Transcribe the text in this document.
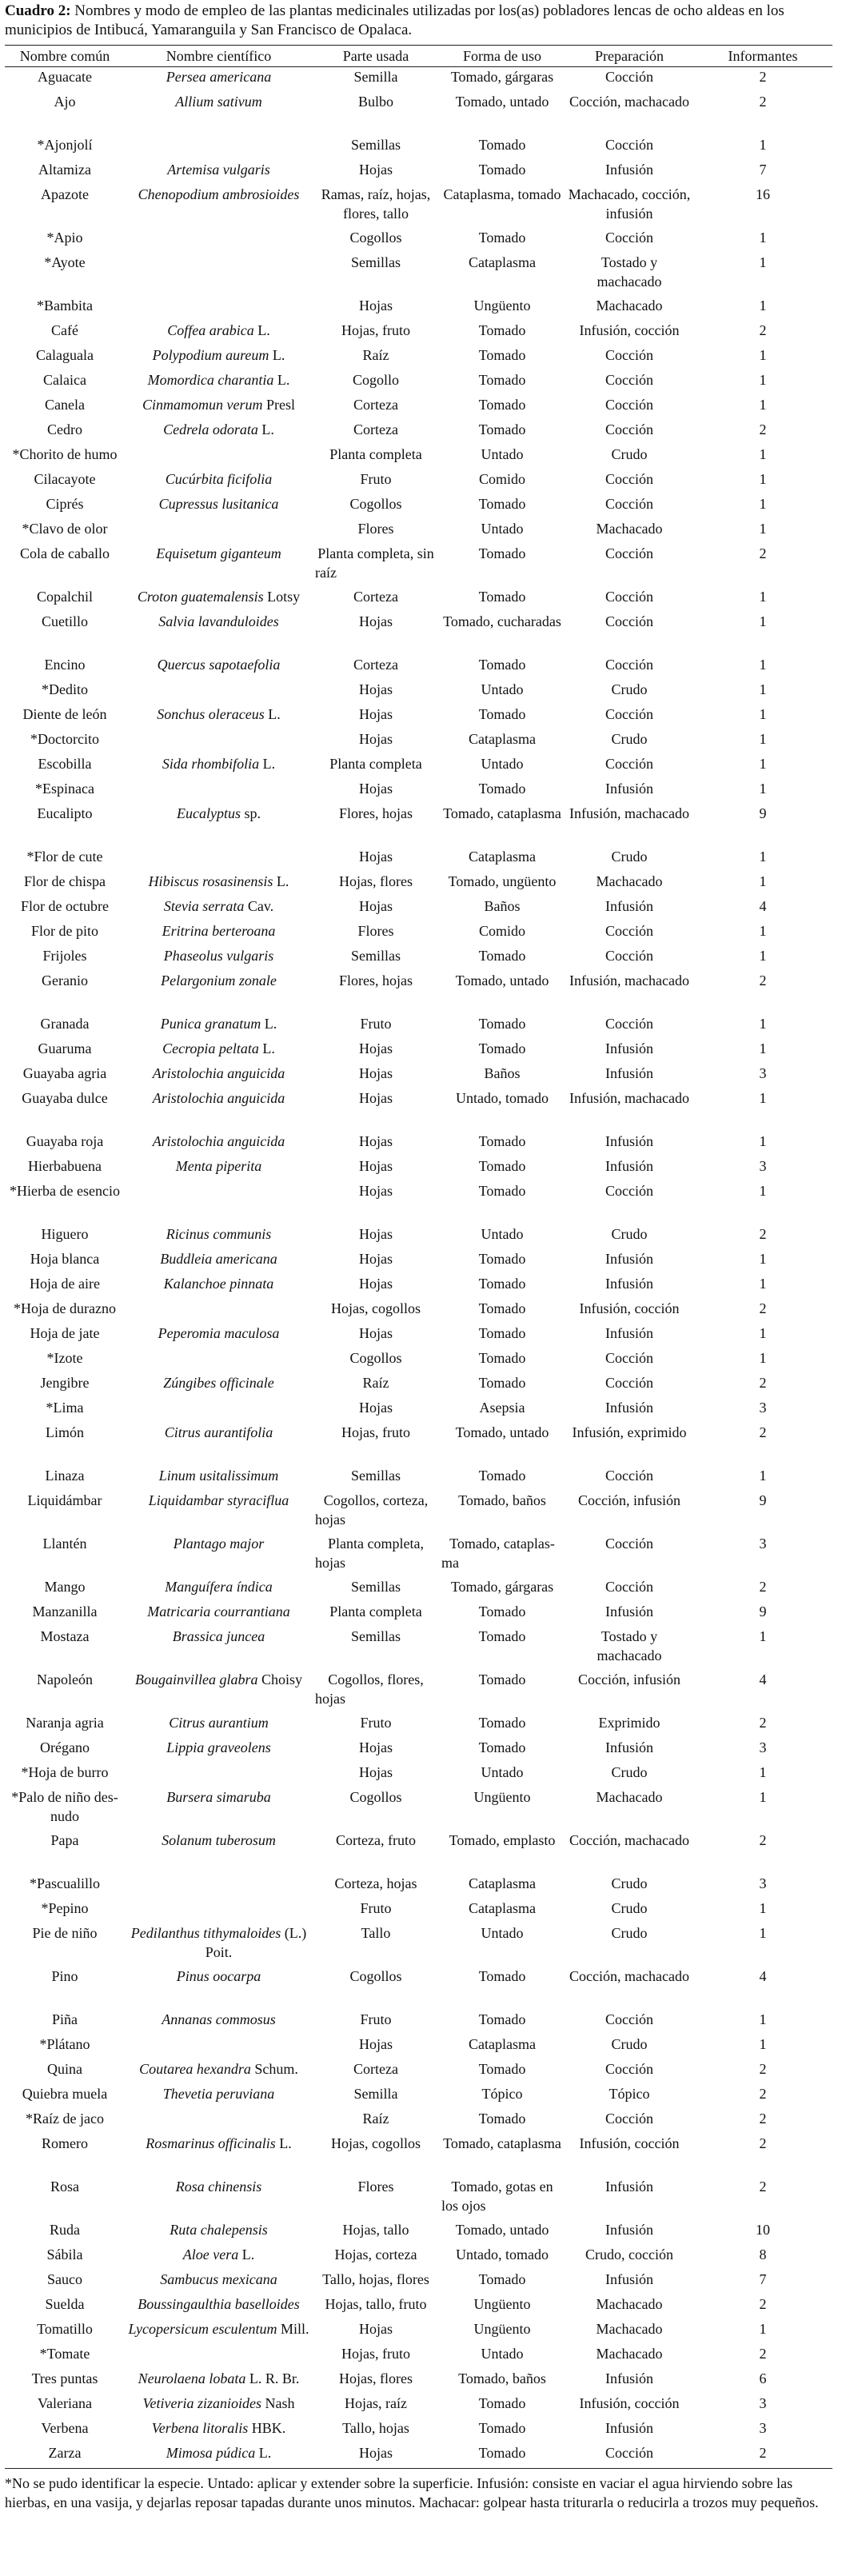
Cuadro 2: Nombres y modo de empleo de las plantas medicinales utilizadas por los(as) pobladores lencas de ocho aldeas en los municipios de Intibucá, Yamaranguila y San Francisco de Opalaca.
Nombre común	Nombre científico	Parte usada	Forma de uso	Preparación	Informantes
Aguacate	Persea americana	Semilla	Tomado, gárgaras	Cocción	2
Ajo	Allium sativum	Bulbo	Tomado, untado	Cocción, machacado	2
*Ajonjolí		Semillas	Tomado	Cocción	1
Altamiza	Artemisa vulgaris	Hojas	Tomado	Infusión	7
Apazote	Chenopodium ambrosioides	Ramas, raíz, hojas, flores, tallo	Cataplasma, tomado	Machacado, cocción, infusión	16
*Apio		Cogollos	Tomado	Cocción	1
*Ayote		Semillas	Cataplasma	Tostado y machacado	1
*Bambita		Hojas	Ungüento	Machacado	1
Café	Coffea arabica L.	Hojas, fruto	Tomado	Infusión, cocción	2
Calaguala	Polypodium aureum L.	Raíz	Tomado	Cocción	1
Calaica	Momordica charantia L.	Cogollo	Tomado	Cocción	1
Canela	Cinmamomun verum Presl	Corteza	Tomado	Cocción	1
Cedro	Cedrela odorata L.	Corteza	Tomado	Cocción	2
*Chorito de humo		Planta completa	Untado	Crudo	1
Cilacayote	Cucúrbita ficifolia	Fruto	Comido	Cocción	1
Ciprés	Cupressus lusitanica	Cogollos	Tomado	Cocción	1
*Clavo de olor		Flores	Untado	Machacado	1
Cola de caballo	Equisetum giganteum	Planta completa, sin raíz	Tomado	Cocción	2
Copalchil	Croton guatemalensis Lotsy	Corteza	Tomado	Cocción	1
Cuetillo	Salvia lavanduloides	Hojas	Tomado, cucharadas	Cocción	1
Encino	Quercus sapotaefolia	Corteza	Tomado	Cocción	1
*Dedito		Hojas	Untado	Crudo	1
Diente de león	Sonchus oleraceus L.	Hojas	Tomado	Cocción	1
*Doctorcito		Hojas	Cataplasma	Crudo	1
Escobilla	Sida rhombifolia L.	Planta completa	Untado	Cocción	1
*Espinaca		Hojas	Tomado	Infusión	1
Eucalipto	Eucalyptus sp.	Flores, hojas	Tomado, cataplasma	Infusión, machacado	9
*Flor de cute		Hojas	Cataplasma	Crudo	1
Flor de chispa	Hibiscus rosasinensis L.	Hojas, flores	Tomado, ungüento	Machacado	1
Flor de octubre	Stevia serrata Cav.	Hojas	Baños	Infusión	4
Flor de pito	Eritrina berteroana	Flores	Comido	Cocción	1
Frijoles	Phaseolus vulgaris	Semillas	Tomado	Cocción	1
Geranio	Pelargonium zonale	Flores, hojas	Tomado, untado	Infusión, machacado	2
Granada	Punica granatum L.	Fruto	Tomado	Cocción	1
Guaruma	Cecropia peltata L.	Hojas	Tomado	Infusión	1
Guayaba agria	Aristolochia anguicida	Hojas	Baños	Infusión	3
Guayaba dulce	Aristolochia anguicida	Hojas	Untado, tomado	Infusión, machacado	1
Guayaba roja	Aristolochia anguicida	Hojas	Tomado	Infusión	1
Hierbabuena	Menta piperita	Hojas	Tomado	Infusión	3
*Hierba de esencio		Hojas	Tomado	Cocción	1
Higuero	Ricinus communis	Hojas	Untado	Crudo	2
Hoja blanca	Buddleia americana	Hojas	Tomado	Infusión	1
Hoja de aire	Kalanchoe pinnata	Hojas	Tomado	Infusión	1
*Hoja de durazno		Hojas, cogollos	Tomado	Infusión, cocción	2
Hoja de jate	Peperomia maculosa	Hojas	Tomado	Infusión	1
*Izote		Cogollos	Tomado	Cocción	1
Jengibre	Zúngibes officinale	Raíz	Tomado	Cocción	2
*Lima		Hojas	Asepsia	Infusión	3
Limón	Citrus aurantifolia	Hojas, fruto	Tomado, untado	Infusión, exprimido	2
Linaza	Linum usitalissimum	Semillas	Tomado	Cocción	1
Liquidámbar	Liquidambar styraciflua	Cogollos, corteza, hojas	Tomado, baños	Cocción, infusión	9
Llantén	Plantago major	Planta completa, hojas	Tomado, cataplas-ma	Cocción	3
Mango	Manguífera índica	Semillas	Tomado, gárgaras	Cocción	2
Manzanilla	Matricaria courrantiana	Planta completa	Tomado	Infusión	9
Mostaza	Brassica juncea	Semillas	Tomado	Tostado y machacado	1
Napoleón	Bougainvillea glabra Choisy	Cogollos, flores, hojas	Tomado	Cocción, infusión	4
Naranja agria	Citrus aurantium	Fruto	Tomado	Exprimido	2
Orégano	Lippia graveolens	Hojas	Tomado	Infusión	3
*Hoja de burro		Hojas	Untado	Crudo	1
*Palo de niño des-nudo	Bursera simaruba	Cogollos	Ungüento	Machacado	1
Papa	Solanum tuberosum	Corteza, fruto	Tomado, emplasto	Cocción, machacado	2
*Pascualillo		Corteza, hojas	Cataplasma	Crudo	3
*Pepino		Fruto	Cataplasma	Crudo	1
Pie de niño	Pedilanthus tithymaloides (L.) Poit.	Tallo	Untado	Crudo	1
Pino	Pinus oocarpa	Cogollos	Tomado	Cocción, machacado	4
Piña	Annanas commosus	Fruto	Tomado	Cocción	1
*Plátano		Hojas	Cataplasma	Crudo	1
Quina	Coutarea hexandra Schum.	Corteza	Tomado	Cocción	2
Quiebra muela	Thevetia peruviana	Semilla	Tópico	Tópico	2
*Raíz de jaco		Raíz	Tomado	Cocción	2
Romero	Rosmarinus officinalis L.	Hojas, cogollos	Tomado, cataplasma	Infusión, cocción	2
Rosa	Rosa chinensis	Flores	Tomado, gotas en los ojos	Infusión	2
Ruda	Ruta chalepensis	Hojas, tallo	Tomado, untado	Infusión	10
Sábila	Aloe vera L.	Hojas, corteza	Untado, tomado	Crudo, cocción	8
Sauco	Sambucus mexicana	Tallo, hojas, flores	Tomado	Infusión	7
Suelda	Boussingaulthia baselloides	Hojas, tallo, fruto	Ungüento	Machacado	2
Tomatillo	Lycopersicum esculentum Mill.	Hojas	Ungüento	Machacado	1
*Tomate		Hojas, fruto	Untado	Machacado	2
Tres puntas	Neurolaena lobata L. R. Br.	Hojas, flores	Tomado, baños	Infusión	6
Valeriana	Vetiveria zizanioides Nash	Hojas, raíz	Tomado	Infusión, cocción	3
Verbena	Verbena litoralis HBK.	Tallo, hojas	Tomado	Infusión	3
Zarza	Mimosa púdica L.	Hojas	Tomado	Cocción	2
*No se pudo identificar la especie. Untado: aplicar y extender sobre la superficie. Infusión: consiste en vaciar el agua hirviendo sobre las hierbas, en una vasija, y dejarlas reposar tapadas durante unos minutos. Machacar: golpear hasta triturarla o reducirla a trozos muy pequeños.
